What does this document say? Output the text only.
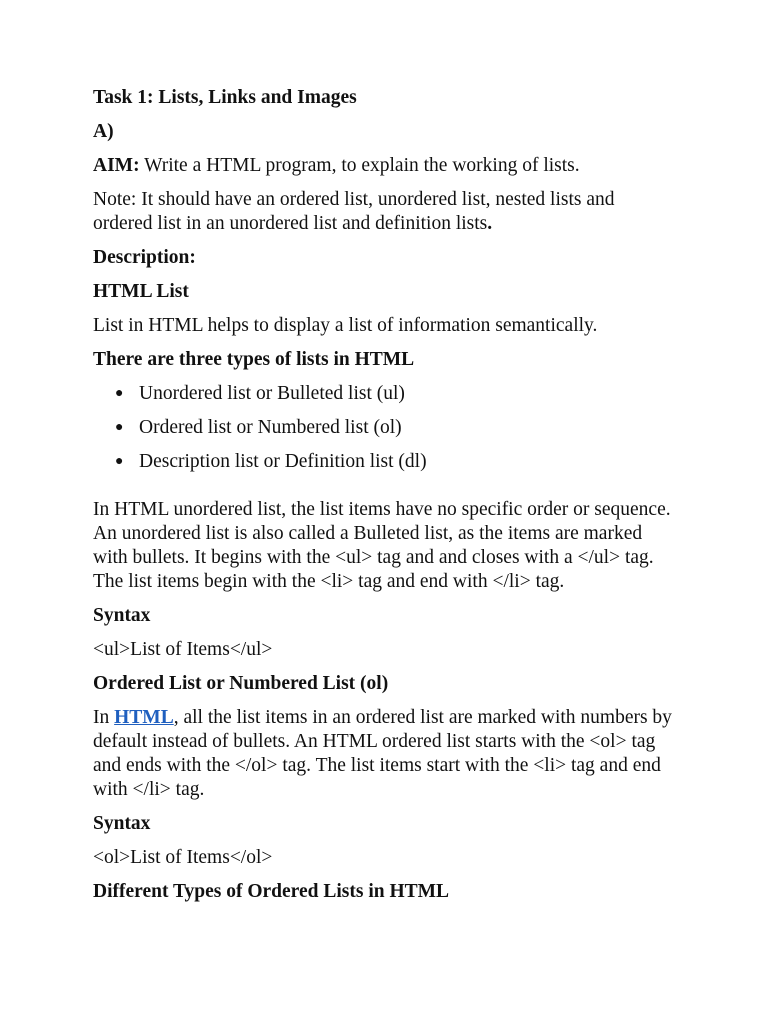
Task 1: Lists, Links and Images

A)

AIM: Write a HTML program, to explain the working of lists.

Note: It should have an ordered list, unordered list, nested lists and ordered list in an unordered list and definition lists.

Description:

HTML List

List in HTML helps to display a list of information semantically.

There are three types of lists in HTML

● Unordered list or Bulleted list (ul)
● Ordered list or Numbered list (ol)
● Description list or Definition list (dl)

In HTML unordered list, the list items have no specific order or sequence. An unordered list is also called a Bulleted list, as the items are marked with bullets. It begins with the <ul> tag and and closes with a </ul> tag. The list items begin with the <li> tag and end with </li> tag.

Syntax

<ul>List of Items</ul>

Ordered List or Numbered List (ol)

In HTML, all the list items in an ordered list are marked with numbers by default instead of bullets. An HTML ordered list starts with the <ol> tag and ends with the </ol> tag. The list items start with the <li> tag and end with </li> tag.

Syntax

<ol>List of Items</ol>

Different Types of Ordered Lists in HTML
